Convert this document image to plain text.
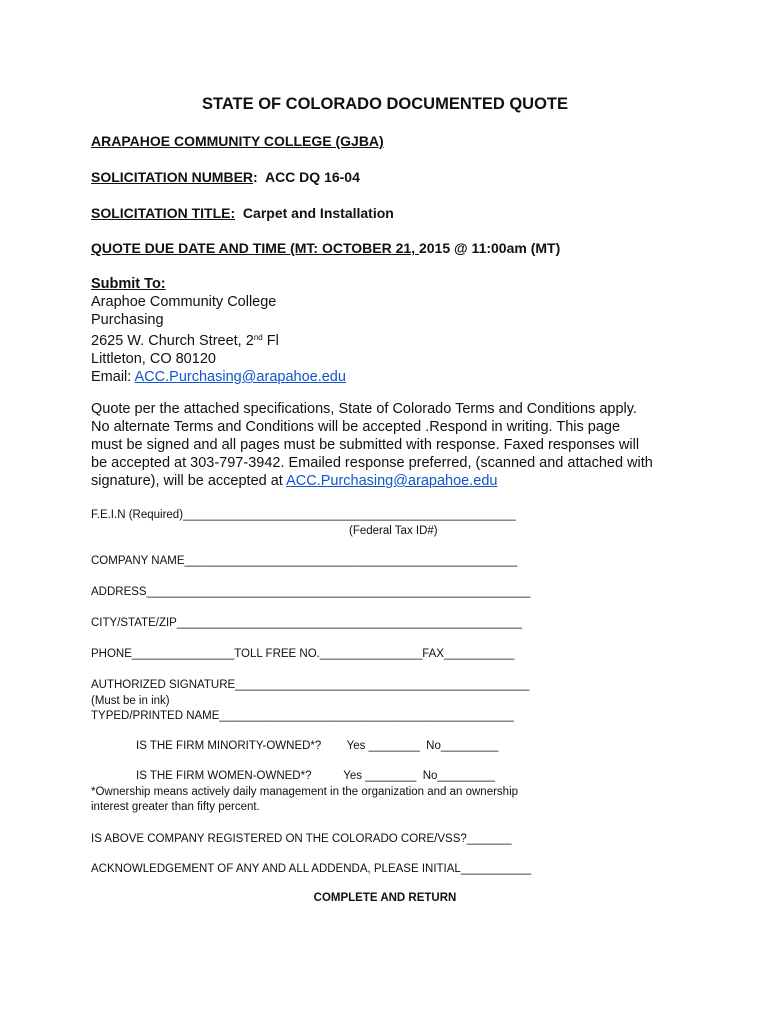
STATE OF COLORADO DOCUMENTED QUOTE
ARAPAHOE COMMUNITY COLLEGE (GJBA)
SOLICITATION NUMBER:  ACC DQ 16-04
SOLICITATION TITLE:  Carpet and Installation
QUOTE DUE DATE AND TIME (MT: OCTOBER 21, 2015 @ 11:00am (MT)
Submit To:
Araphoe Community College
Purchasing
2625 W. Church Street, 2nd Fl
Littleton, CO 80120
Email: ACC.Purchasing@arapahoe.edu
Quote per the attached specifications, State of Colorado Terms and Conditions apply.
No alternate Terms and Conditions will be accepted .Respond in writing. This page
must be signed and all pages must be submitted with response. Faxed responses will
be accepted at 303-797-3942. Emailed response preferred, (scanned and attached with
signature), will be accepted at ACC.Purchasing@arapahoe.edu
F.E.I.N (Required)____________________________________________________
(Federal Tax ID#)
COMPANY NAME____________________________________________________
ADDRESS____________________________________________________________
CITY/STATE/ZIP______________________________________________________
PHONE________________TOLL FREE NO.________________FAX___________
AUTHORIZED SIGNATURE______________________________________________
(Must be in ink)
TYPED/PRINTED NAME______________________________________________
IS THE FIRM MINORITY-OWNED*?        Yes ________  No_________
IS THE FIRM WOMEN-OWNED*?          Yes ________  No_________
*Ownership means actively daily management in the organization and an ownership
interest greater than fifty percent.
IS ABOVE COMPANY REGISTERED ON THE COLORADO CORE/VSS?_______
ACKNOWLEDGEMENT OF ANY AND ALL ADDENDA, PLEASE INITIAL___________
COMPLETE AND RETURN
